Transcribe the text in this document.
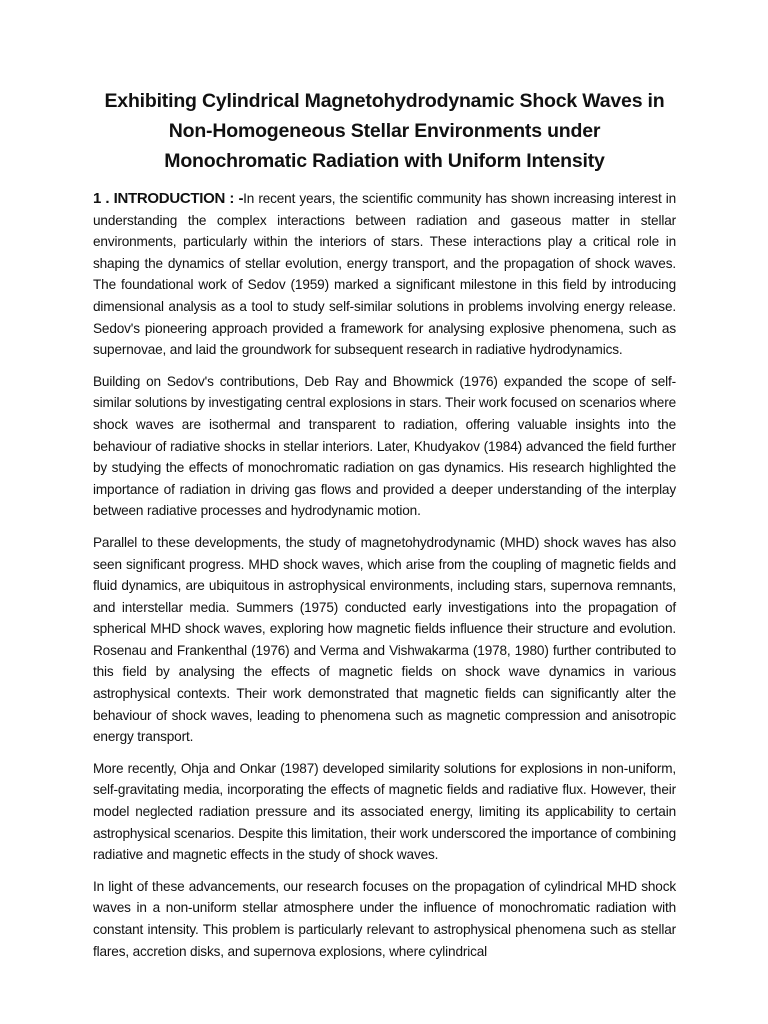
Exhibiting Cylindrical Magnetohydrodynamic Shock Waves in
Non-Homogeneous Stellar Environments under
Monochromatic Radiation with Uniform Intensity

1 . INTRODUCTION : -In recent years, the scientific community has shown increasing interest in understanding the complex interactions between radiation and gaseous matter in stellar environments, particularly within the interiors of stars. These interactions play a critical role in shaping the dynamics of stellar evolution, energy transport, and the propagation of shock waves. The foundational work of Sedov (1959) marked a significant milestone in this field by introducing dimensional analysis as a tool to study self-similar solutions in problems involving energy release. Sedov's pioneering approach provided a framework for analysing explosive phenomena, such as supernovae, and laid the groundwork for subsequent research in radiative hydrodynamics.

Building on Sedov's contributions, Deb Ray and Bhowmick (1976) expanded the scope of self-similar solutions by investigating central explosions in stars. Their work focused on scenarios where shock waves are isothermal and transparent to radiation, offering valuable insights into the behaviour of radiative shocks in stellar interiors. Later, Khudyakov (1984) advanced the field further by studying the effects of monochromatic radiation on gas dynamics. His research highlighted the importance of radiation in driving gas flows and provided a deeper understanding of the interplay between radiative processes and hydrodynamic motion.

Parallel to these developments, the study of magnetohydrodynamic (MHD) shock waves has also seen significant progress. MHD shock waves, which arise from the coupling of magnetic fields and fluid dynamics, are ubiquitous in astrophysical environments, including stars, supernova remnants, and interstellar media. Summers (1975) conducted early investigations into the propagation of spherical MHD shock waves, exploring how magnetic fields influence their structure and evolution. Rosenau and Frankenthal (1976) and Verma and Vishwakarma (1978, 1980) further contributed to this field by analysing the effects of magnetic fields on shock wave dynamics in various astrophysical contexts. Their work demonstrated that magnetic fields can significantly alter the behaviour of shock waves, leading to phenomena such as magnetic compression and anisotropic energy transport.

More recently, Ohja and Onkar (1987) developed similarity solutions for explosions in non-uniform, self-gravitating media, incorporating the effects of magnetic fields and radiative flux. However, their model neglected radiation pressure and its associated energy, limiting its applicability to certain astrophysical scenarios. Despite this limitation, their work underscored the importance of combining radiative and magnetic effects in the study of shock waves.

In light of these advancements, our research focuses on the propagation of cylindrical MHD shock waves in a non-uniform stellar atmosphere under the influence of monochromatic radiation with constant intensity. This problem is particularly relevant to astrophysical phenomena such as stellar flares, accretion disks, and supernova explosions, where cylindrical
